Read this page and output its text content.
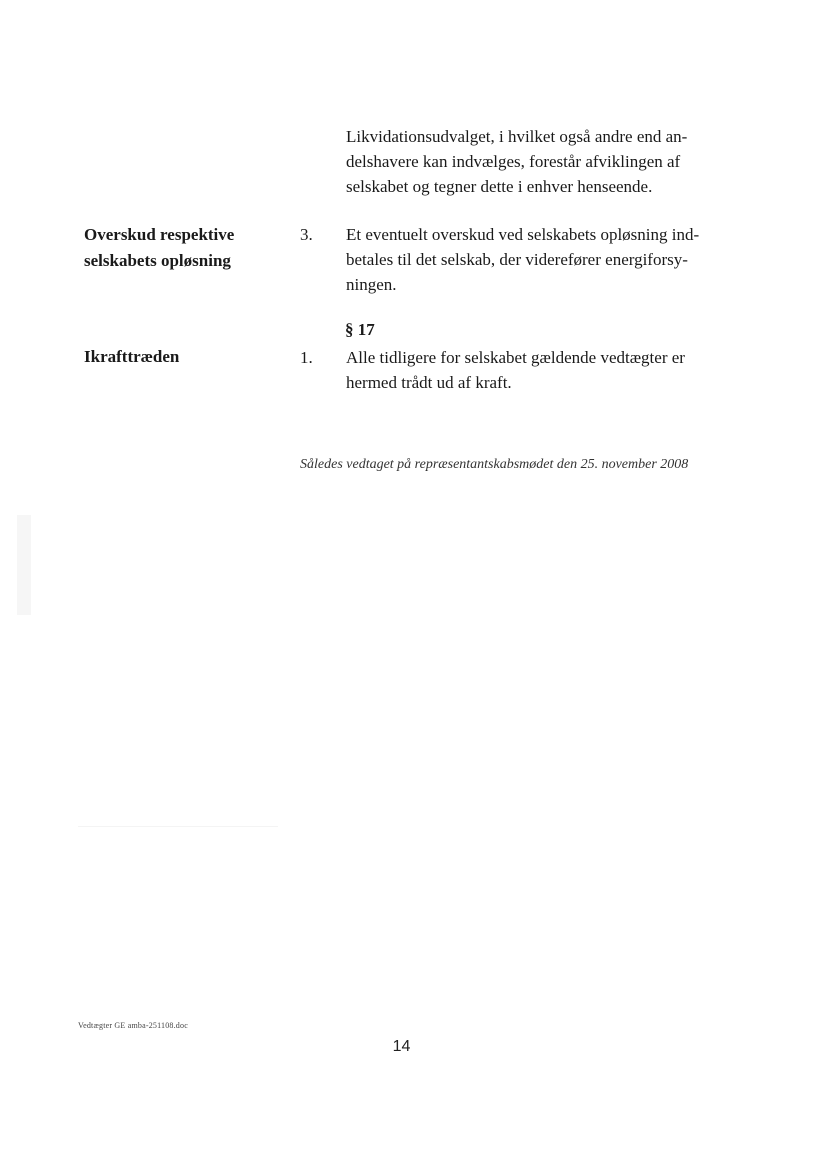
Likvidationsudvalget, i hvilket også andre end an-
delshavere kan indvælges, forestår afviklingen af
selskabet og tegner dette i enhver henseende.

Overskud respektive
selskabets opløsning

3. Et eventuelt overskud ved selskabets opløsning ind-
betales til det selskab, der viderefører energiforsy-
ningen.

§ 17

Ikrafttræden	1. Alle tidligere for selskabet gældende vedtægter er
hermed trådt ud af kraft.

Således vedtaget på repræsentantskabsmødet den 25. november 2008
Vedtægter GE amba-251108.doc
14
